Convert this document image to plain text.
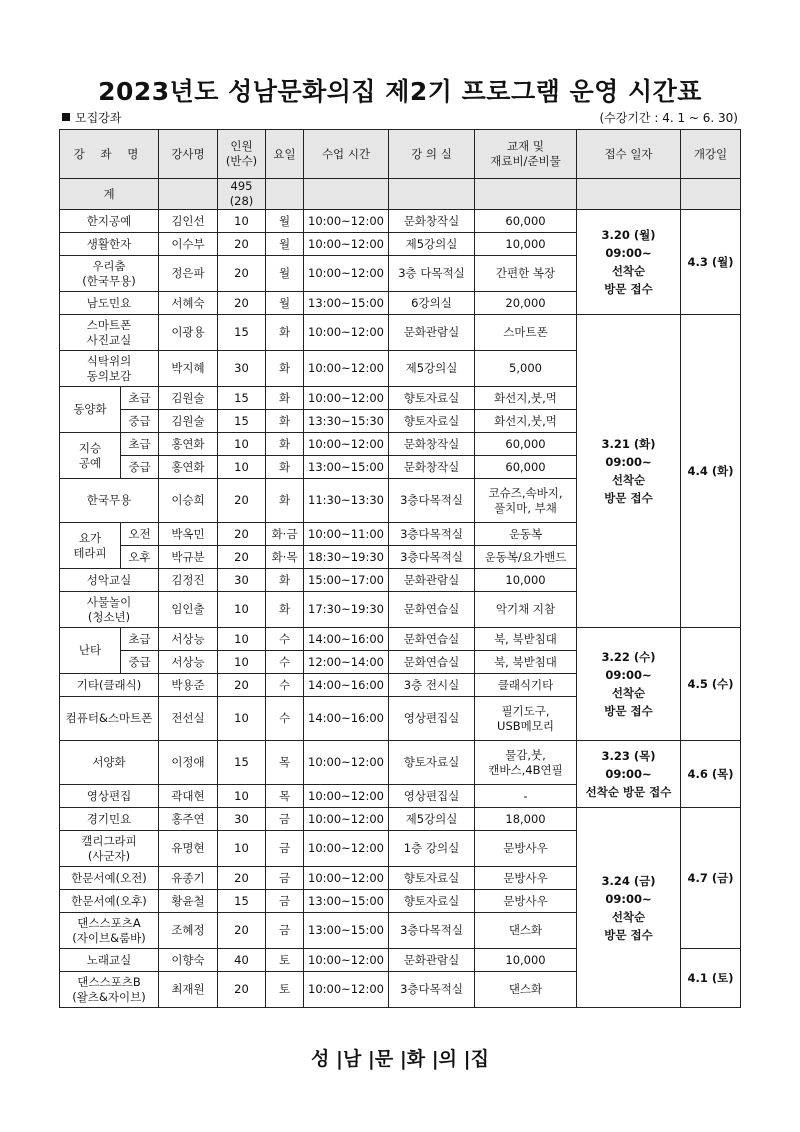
2023년도 성남문화의집 제2기 프로그램 운영 시간표
모집강좌	(수강기간 : 4. 1 ~ 6. 30)
강 좌 명		강사명	인원
(반수)	요일	수업 시간	강 의 실	교재 및
재료비/준비물	접수 일자	개강일
계			495
(28)						
한지공예		김인선	10	월	10:00~12:00	문화창작실	60,000	3.20 (월)
09:00~
선착순
방문 접수	4.3 (월)
생활한자		이수부	20	월	10:00~12:00	제5강의실	10,000		
우리춤
(한국무용)		정은파	20	월	10:00~12:00	3층 다목적실	간편한 복장		
남도민요		서혜숙	20	월	13:00~15:00	6강의실	20,000		
스마트폰
사진교실		이광용	15	화	10:00~12:00	문화관람실	스마트폰	3.21 (화)
09:00~
선착순
방문 접수	4.4 (화)
식탁위의
동의보감		박지혜	30	화	10:00~12:00	제5강의실	5,000		
동양화	초급	김원술	15	화	10:00~12:00	향토자료실	화선지,붓,먹		
	중급	김원술	15	화	13:30~15:30	향토자료실	화선지,붓,먹		
지승
공예	초급	홍연화	10	화	10:00~12:00	문화창작실	60,000		
	중급	홍연화	10	화	13:00~15:00	문화창작실	60,000		
한국무용		이승희	20	화	11:30~13:30	3층다목적실	코슈즈,속바지,
풀치마, 부채		
요가
테라피	오전	박옥민	20	화·금	10:00~11:00	3층다목적실	운동복		
	오후	박규분	20	화·목	18:30~19:30	3층다목적실	운동복/요가밴드		
성악교실		김정진	30	화	15:00~17:00	문화관람실	10,000		
사물놀이
(청소년)		임인출	10	화	17:30~19:30	문화연습실	악기채 지참		
난타	초급	서상능	10	수	14:00~16:00	문화연습실	북, 북받침대	3.22 (수)
09:00~
선착순
방문 접수	4.5 (수)
	중급	서상능	10	수	12:00~14:00	문화연습실	북, 북받침대		
기타(클래식)		박용준	20	수	14:00~16:00	3층 전시실	클래식기타		
컴퓨터&스마트폰		전선실	10	수	14:00~16:00	영상편집실	필기도구,
USB메모리		
서양화		이정애	15	목	10:00~12:00	향토자료실	물감,붓,
캔바스,4B연필	3.23 (목)
09:00~
선착순 방문 접수	4.6 (목)
영상편집		곽대현	10	목	10:00~12:00	영상편집실	-		
경기민요		홍주연	30	금	10:00~12:00	제5강의실	18,000	3.24 (금)
09:00~
선착순
방문 접수	4.7 (금)
캘리그라피
(사군자)		유명현	10	금	10:00~12:00	1층 강의실	문방사우		
한문서예(오전)		유종기	20	금	10:00~12:00	향토자료실	문방사우		
한문서예(오후)		황윤철	15	금	13:00~15:00	향토자료실	문방사우		
댄스스포츠A
(자이브&룸바)		조혜정	20	금	13:00~15:00	3층다목적실	댄스화		
노래교실		이향숙	40	토	10:00~12:00	문화관람실	10,000		4.1 (토)
댄스스포츠B
(왈츠&자이브)		최재원	20	토	10:00~12:00	3층다목적실	댄스화		
성 |남 |문 |화 |의 |집
